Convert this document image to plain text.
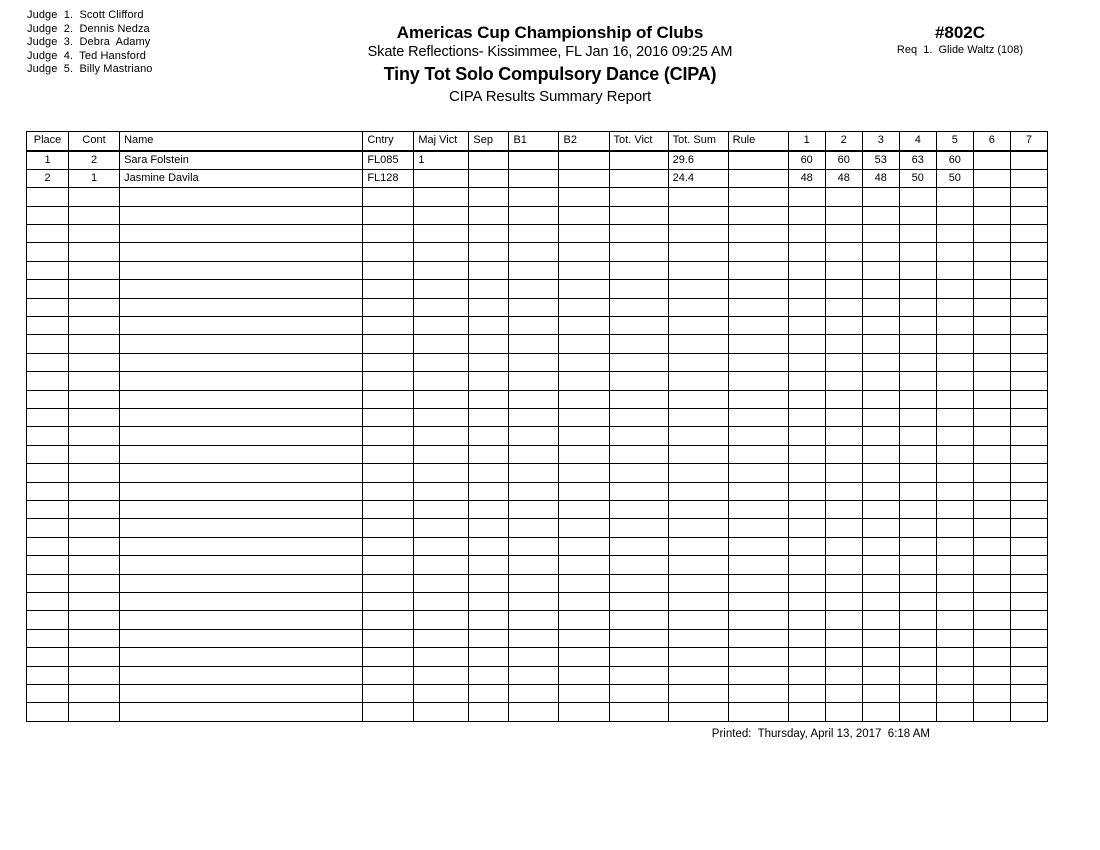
Judge 1. Scott Clifford
Judge 2. Dennis Nedza
Judge 3. Debra  Adamy
Judge 4. Ted Hansford
Judge 5. Billy Mastriano
Americas Cup Championship of Clubs
Skate Reflections- Kissimmee, FL Jan 16, 2016 09:25 AM
Tiny Tot Solo Compulsory Dance (CIPA)
CIPA Results Summary Report
#802C
Req  1.  Glide Waltz (108)
Place	Cont	Name	Cntry	Maj Vict	Sep	B1	B2	Tot. Vict	Tot. Sum	Rule	1	2	3	4	5	6	7
1	2	Sara Folstein	FL085	1					29.6		60	60	53	63	60		
2	1	Jasmine Davila	FL128						24.4		48	48	48	50	50		

Printed:  Thursday, April 13, 2017  6:18 AM
